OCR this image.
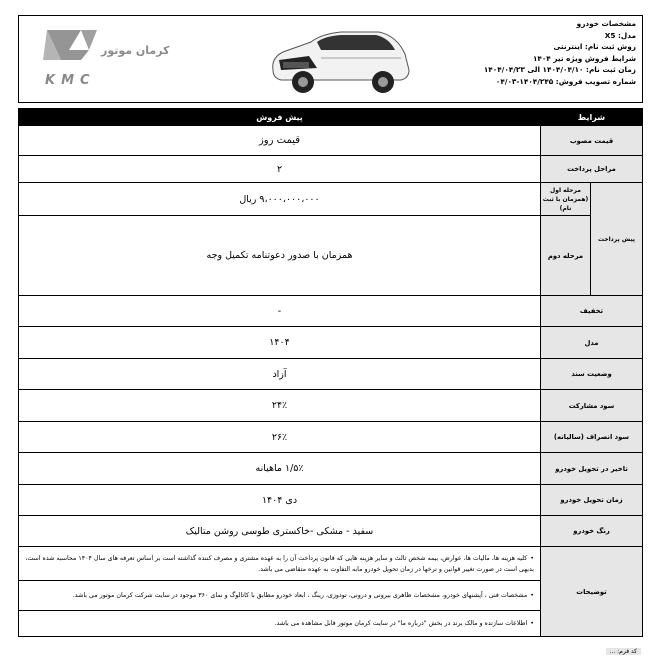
کرمان موتور
KMC
مشخصات خودرو
مدل: X5
روش ثبت نام: اینترنتی
شرایط فروش ویژه تیر ۱۴۰۴
زمان ثبت نام: ۱۴۰۴/۰۴/۱۰ الی ۱۴۰۴/۰۴/۲۳
شماره تصویب فروش: ۱۴۰۴/۲۴۵-۰۴/۰۳
شرایط		پیش فروش
قیمت مصوب		قیمت روز
مراحل پرداخت		۲
پیش پرداخت	مرحله اول (همزمان با ثبت نام)	۹،۰۰۰،۰۰۰،۰۰۰ ریال
	مرحله دوم	همزمان با صدور دعوتنامه تکمیل وجه
تخفیف		-
مدل		۱۴۰۴
وضعیت سند		آزاد
سود مشارکت		۲۴٪
سود انصراف (سالیانه)		۲۶٪
تاخیر در تحویل خودرو		۱/۵٪ ماهیانه
زمان تحویل خودرو		دی ۱۴۰۴
رنگ خودرو		سفید - مشکی -خاکستری طوسی روشن متالیک
توضیحات		•کلیه هزینه ها، مالیات ها، عوارض، بیمه شخص ثالث و سایر هزینه هایی که قانون پرداخت آن را به عهده مشتری و مصرف کننده گذاشته است بر اساس تعرفه های سال ۱۴۰۴ محاسبه شده است، بدیهی است در صورت تغییر قوانین و نرخها در زمان تحویل خودرو مابه التفاوت به عهده متقاضی می باشد.
		•مشخصات فنی ، آپشنهای خودرو، مشخصات ظاهری بیرونی و درونی، تودوزی، رینگ ، ابعاد خودرو مطابق با کاتالوگ و نمای ۳۶۰ موجود در سایت شرکت کرمان موتور می باشد.
		•اطلاعات سازنده و مالک برند در بخش "درباره ما" در سایت کرمان موتور قابل مشاهده می باشد.
کد فرم: ...
